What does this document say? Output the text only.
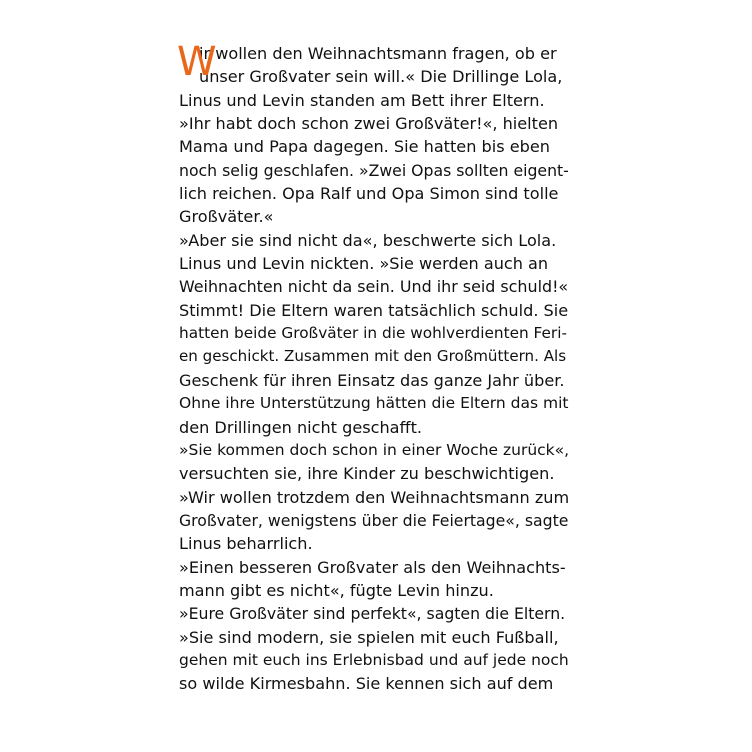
W
ir wollen den Weihnachtsmann fragen, ob er
unser Großvater sein will.« Die Drillinge Lola,
Linus und Levin standen am Bett ihrer Eltern.
»Ihr habt doch schon zwei Großväter!«, hielten
Mama und Papa dagegen. Sie hatten bis eben
noch selig geschlafen. »Zwei Opas sollten eigent-
lich reichen. Opa Ralf und Opa Simon sind tolle
Großväter.«
»Aber sie sind nicht da«, beschwerte sich Lola.
Linus und Levin nickten. »Sie werden auch an
Weihnachten nicht da sein. Und ihr seid schuld!«
Stimmt! Die Eltern waren tatsächlich schuld. Sie
hatten beide Großväter in die wohlverdienten Feri-
en geschickt. Zusammen mit den Großmüttern. Als
Geschenk für ihren Einsatz das ganze Jahr über.
Ohne ihre Unterstützung hätten die Eltern das mit
den Drillingen nicht geschafft.
»Sie kommen doch schon in einer Woche zurück«,
versuchten sie, ihre Kinder zu beschwichtigen.
»Wir wollen trotzdem den Weihnachtsmann zum
Großvater, wenigstens über die Feiertage«, sagte
Linus beharrlich.
»Einen besseren Großvater als den Weihnachts-
mann gibt es nicht«, fügte Levin hinzu.
»Eure Großväter sind perfekt«, sagten die Eltern.
»Sie sind modern, sie spielen mit euch Fußball,
gehen mit euch ins Erlebnisbad und auf jede noch
so wilde Kirmesbahn. Sie kennen sich auf dem
